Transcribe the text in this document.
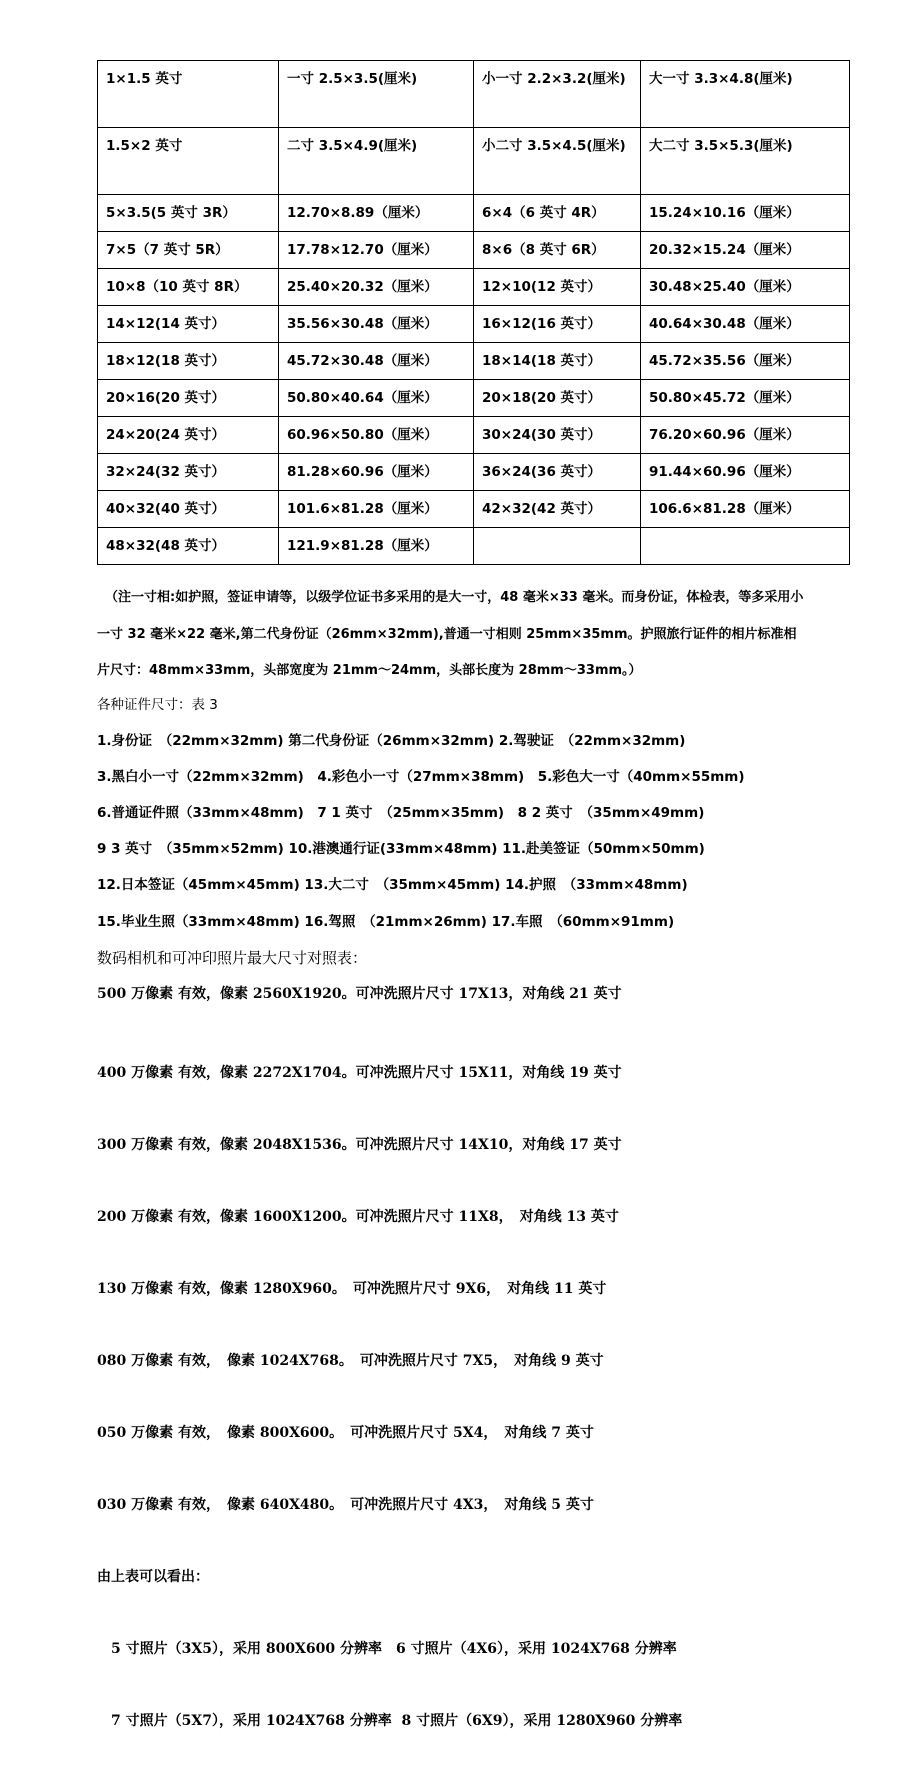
1×1.5 英寸	一寸 2.5×3.5(厘米)	小一寸 2.2×3.2(厘米)	大一寸 3.3×4.8(厘米)
1.5×2 英寸	二寸 3.5×4.9(厘米)	小二寸 3.5×4.5(厘米)	大二寸 3.5×5.3(厘米)
5×3.5(5 英寸 3R）	12.70×8.89（厘米）	6×4（6 英寸 4R）	15.24×10.16（厘米）
7×5（7 英寸 5R）	17.78×12.70（厘米）	8×6（8 英寸 6R）	20.32×15.24（厘米）
10×8（10 英寸 8R）	25.40×20.32（厘米）	12×10(12 英寸）	30.48×25.40（厘米）
14×12(14 英寸）	35.56×30.48（厘米）	16×12(16 英寸）	40.64×30.48（厘米）
18×12(18 英寸）	45.72×30.48（厘米）	18×14(18 英寸）	45.72×35.56（厘米）
20×16(20 英寸）	50.80×40.64（厘米）	20×18(20 英寸）	50.80×45.72（厘米）
24×20(24 英寸）	60.96×50.80（厘米）	30×24(30 英寸）	76.20×60.96（厘米）
32×24(32 英寸）	81.28×60.96（厘米）	36×24(36 英寸）	91.44×60.96（厘米）
40×32(40 英寸）	101.6×81.28（厘米）	42×32(42 英寸）	106.6×81.28（厘米）
48×32(48 英寸）	121.9×81.28（厘米）		
（注一寸相:如护照，签证申请等，以级学位证书多采用的是大一寸，48 毫米×33 毫米。而身份证，体检表，等多采用小
一寸 32 毫米×22 毫米,第二代身份证（26mm×32mm),普通一寸相则 25mm×35mm。护照旅行证件的相片标准相
片尺寸：48mm×33mm，头部宽度为 21mm～24mm，头部长度为 28mm～33mm。）
各种证件尺寸：表 3
1.身份证　（22mm×32mm) 第二代身份证（26mm×32mm) 2.驾驶证　（22mm×32mm)
3.黑白小一寸（22mm×32mm)　4.彩色小一寸（27mm×38mm)　5.彩色大一寸（40mm×55mm)
6.普通证件照（33mm×48mm)　7 1 英寸　（25mm×35mm)　8 2 英寸　（35mm×49mm)
9 3 英寸　（35mm×52mm) 10.港澳通行证(33mm×48mm) 11.赴美签证（50mm×50mm)
12.日本签证（45mm×45mm) 13.大二寸　（35mm×45mm) 14.护照　（33mm×48mm)
15.毕业生照（33mm×48mm) 16.驾照　（21mm×26mm) 17.车照　（60mm×91mm)
数码相机和可冲印照片最大尺寸对照表：
500 万像素 有效，像素 2560X1920。可冲洗照片尺寸 17X13，对角线 21 英寸

400 万像素 有效，像素 2272X1704。可冲洗照片尺寸 15X11，对角线 19 英寸

300 万像素 有效，像素 2048X1536。可冲洗照片尺寸 14X10，对角线 17 英寸

200 万像素 有效，像素 1600X1200。可冲洗照片尺寸 11X8，　对角线 13 英寸

130 万像素 有效，像素 1280X960。　可冲洗照片尺寸 9X6，　对角线 11 英寸

080 万像素 有效，　像素 1024X768。　可冲洗照片尺寸 7X5，　对角线 9 英寸

050 万像素 有效，　像素 800X600。　可冲洗照片尺寸 5X4，　对角线 7 英寸

030 万像素 有效，　像素 640X480。　可冲洗照片尺寸 4X3，　对角线 5 英寸

由上表可以看出：

　5 寸照片（3X5），采用 800X600 分辨率　6 寸照片（4X6），采用 1024X768 分辨率

　7 寸照片（5X7），采用 1024X768 分辨率  8 寸照片（6X9），采用 1280X960 分辨率
